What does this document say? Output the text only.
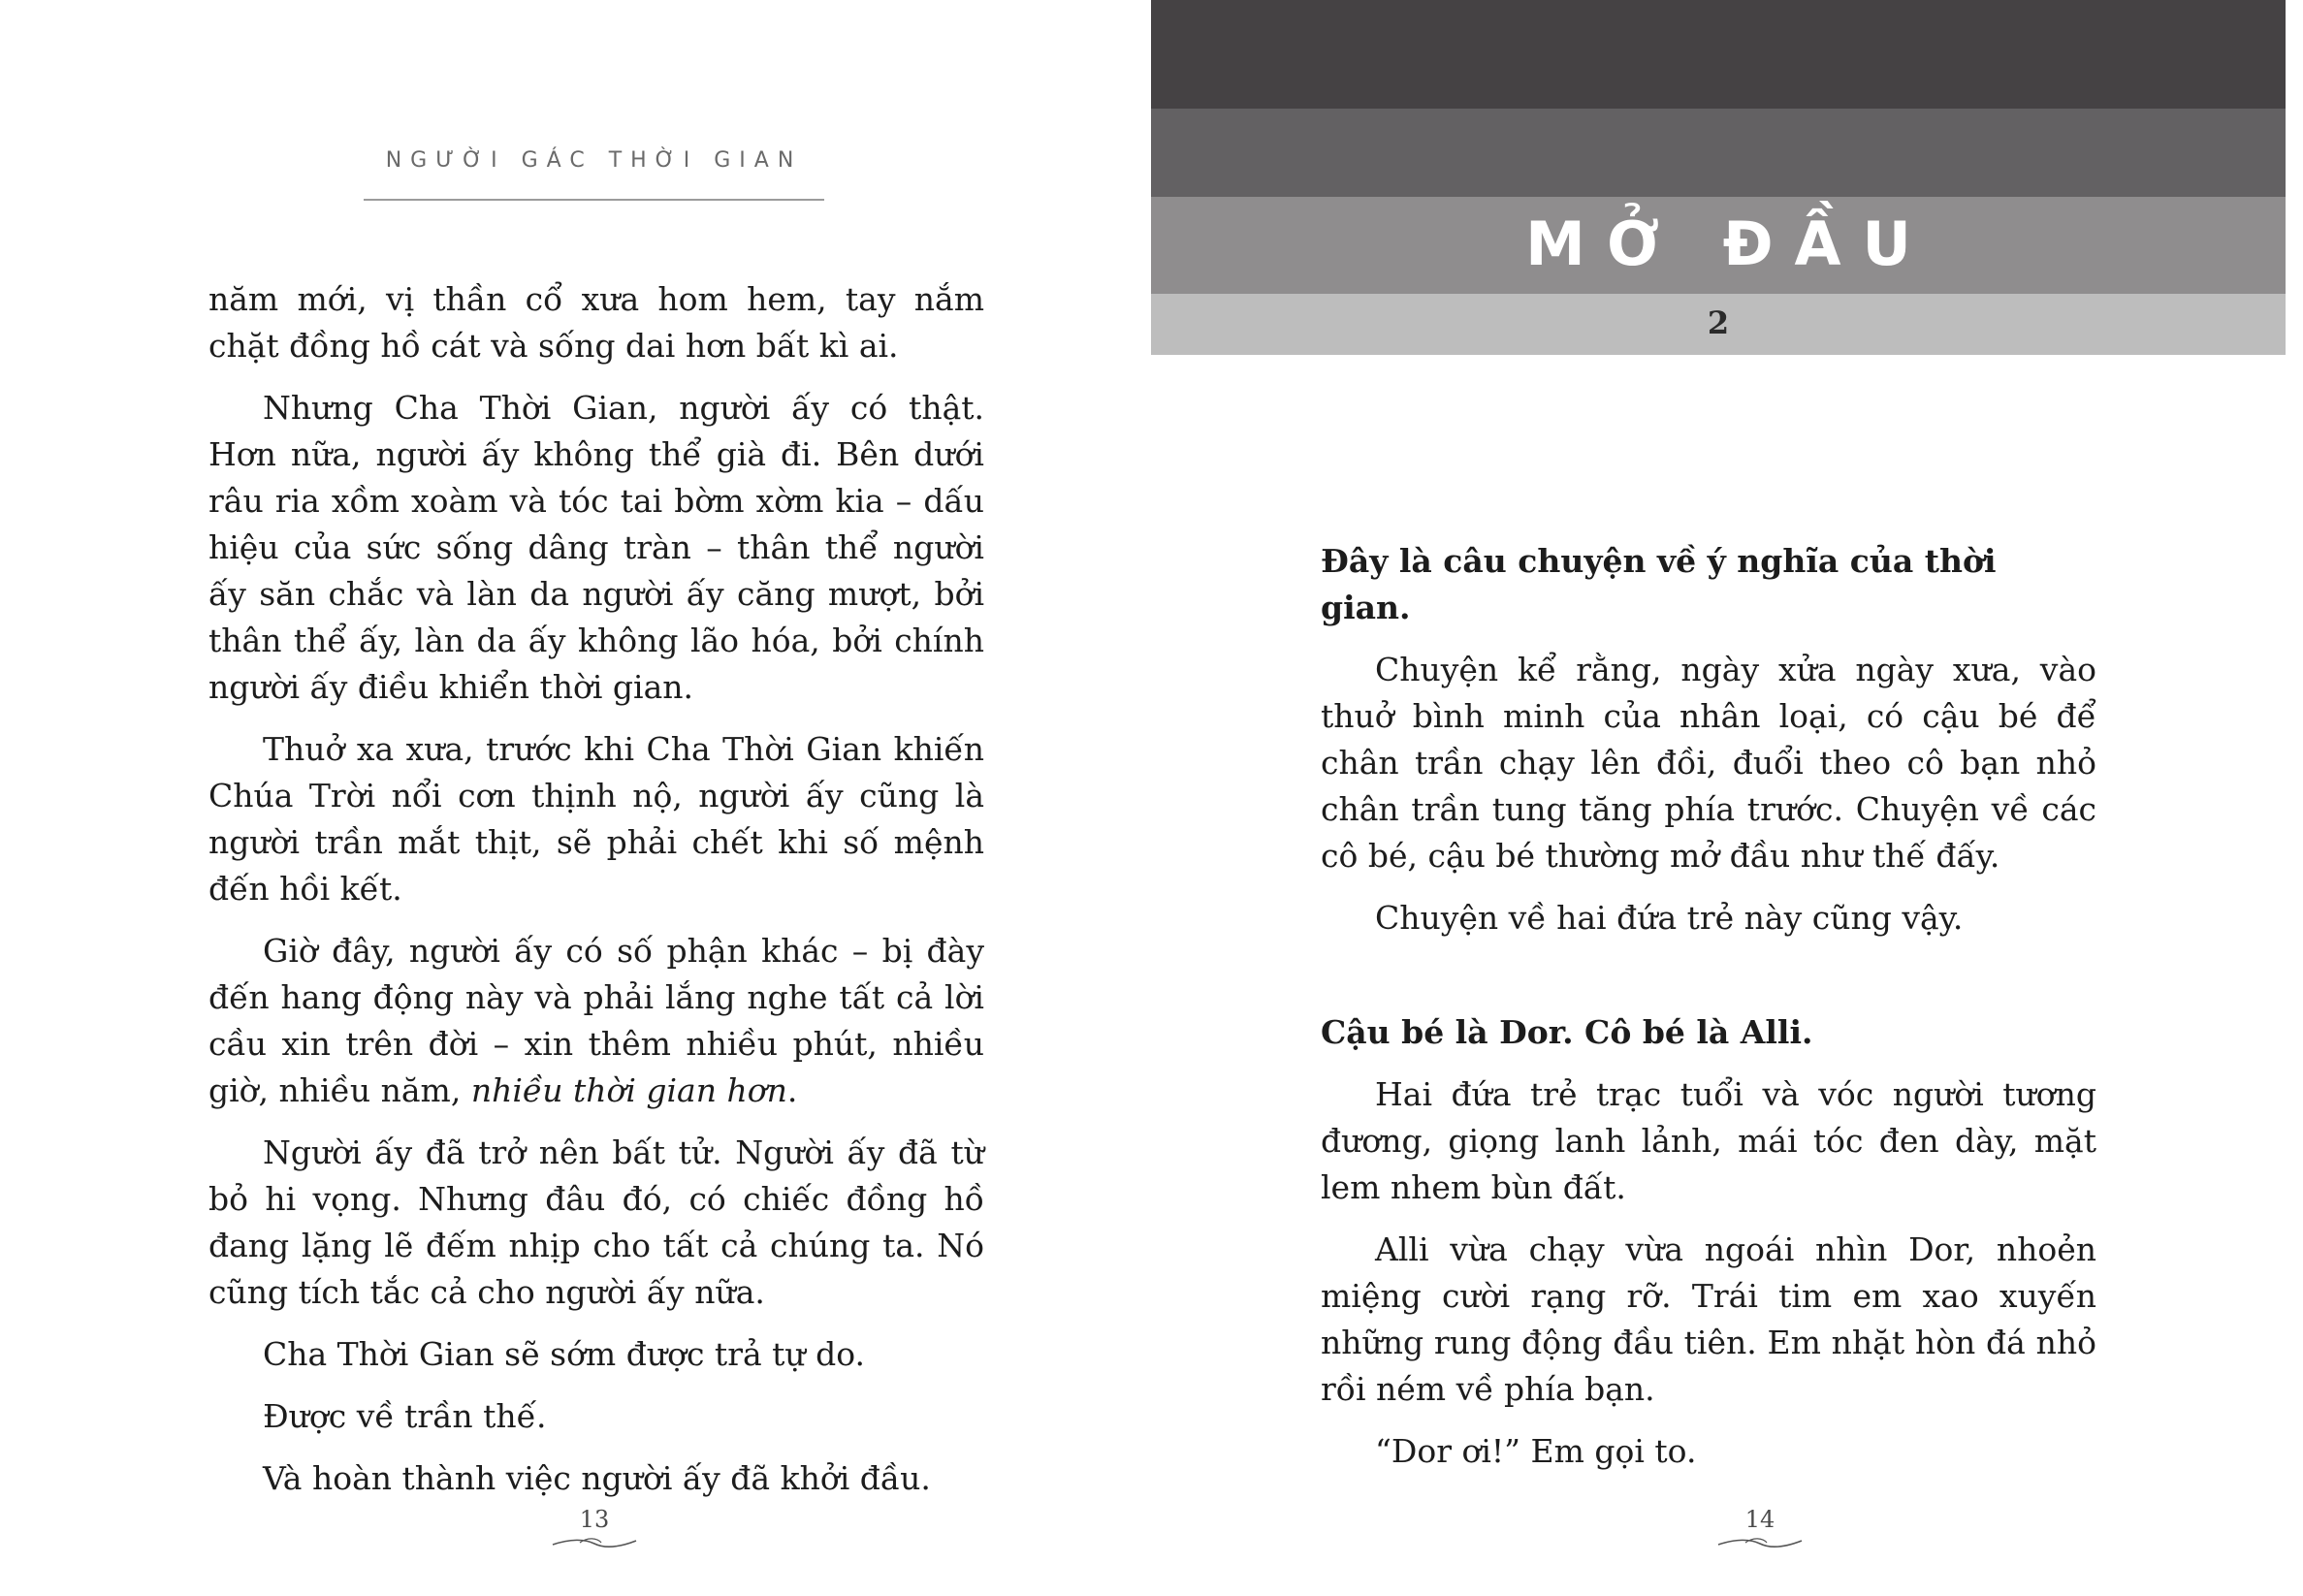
NGƯỜI GÁC THỜI GIAN

năm mới, vị thần cổ xưa hom hem, tay nắm chặt đồng hồ cát và sống dai hơn bất kì ai.

Nhưng Cha Thời Gian, người ấy có thật. Hơn nữa, người ấy không thể già đi. Bên dưới râu ria xồm xoàm và tóc tai bờm xờm kia – dấu hiệu của sức sống dâng tràn – thân thể người ấy săn chắc và làn da người ấy căng mượt, bởi thân thể ấy, làn da ấy không lão hóa, bởi chính người ấy điều khiển thời gian.

Thuở xa xưa, trước khi Cha Thời Gian khiến Chúa Trời nổi cơn thịnh nộ, người ấy cũng là người trần mắt thịt, sẽ phải chết khi số mệnh đến hồi kết.

Giờ đây, người ấy có số phận khác – bị đày đến hang động này và phải lắng nghe tất cả lời cầu xin trên đời – xin thêm nhiều phút, nhiều giờ, nhiều năm, nhiều thời gian hơn.

Người ấy đã trở nên bất tử. Người ấy đã từ bỏ hi vọng. Nhưng đâu đó, có chiếc đồng hồ đang lặng lẽ đếm nhịp cho tất cả chúng ta. Nó cũng tích tắc cả cho người ấy nữa.

Cha Thời Gian sẽ sớm được trả tự do.

Được về trần thế.

Và hoàn thành việc người ấy đã khởi đầu.

13
MỞ ĐẦU
2

Đây là câu chuyện về ý nghĩa của thời gian.

Chuyện kể rằng, ngày xửa ngày xưa, vào thuở bình minh của nhân loại, có cậu bé để chân trần chạy lên đồi, đuổi theo cô bạn nhỏ chân trần tung tăng phía trước. Chuyện về các cô bé, cậu bé thường mở đầu như thế đấy.

Chuyện về hai đứa trẻ này cũng vậy.

Cậu bé là Dor. Cô bé là Alli.

Hai đứa trẻ trạc tuổi và vóc người tương đương, giọng lanh lảnh, mái tóc đen dày, mặt lem nhem bùn đất.

Alli vừa chạy vừa ngoái nhìn Dor, nhoẻn miệng cười rạng rỡ. Trái tim em xao xuyến những rung động đầu tiên. Em nhặt hòn đá nhỏ rồi ném về phía bạn.

“Dor ơi!” Em gọi to.

14
